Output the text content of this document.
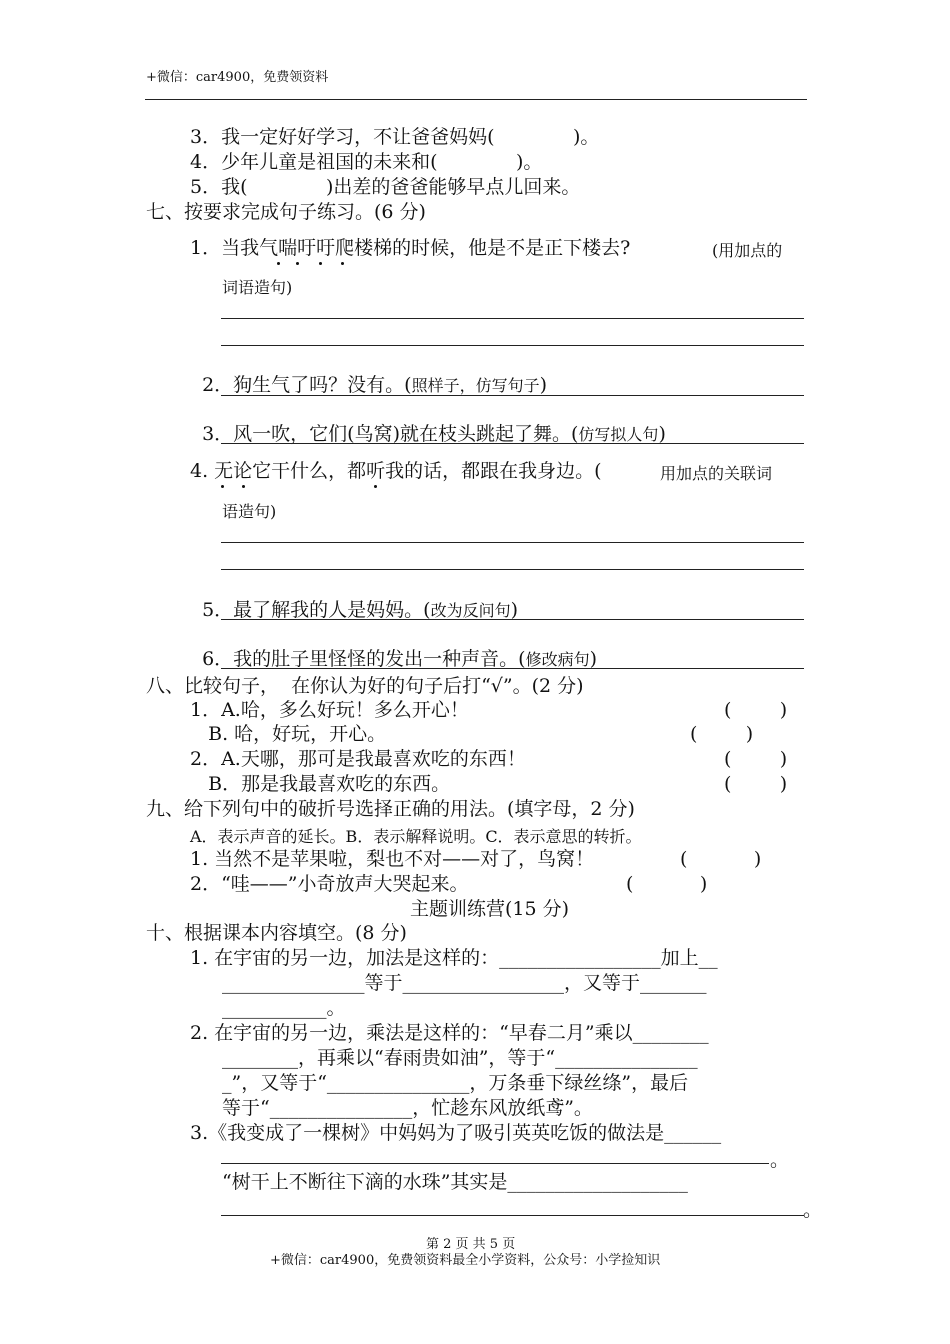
+微信：car4900，免费领资料
3．我一定好好学习，不让爸爸妈妈(             )。
4．少年儿童是祖国的未来和(             )。
5．我(             )出差的爸爸能够早点儿回来。
七、按要求完成句子练习。(6 分)
1．当我气喘吁吁爬楼梯的时候，他是不是正下楼去?	(用加点的
词语造句)

2．狗生气了吗？没有。(照样子，仿写句子)

3．风一吹，它们(鸟窝)就在枝头跳起了舞。(仿写拟人句)

4. 无论它干什么，都听我的话，都跟在我身边。(	用加点的关联词
语造句)

5．最了解我的人是妈妈。(改为反问句)

6．我的肚子里怪怪的发出一种声音。(修改病句)

八、比较句子，  在你认为好的句子后打“√”。(2 分)
1．A.哈，多么好玩！多么开心！	(        )
B. 哈，好玩，开心。	(        )
2．A.天哪，那可是我最喜欢吃的东西！	(        )
B．那是我最喜欢吃的东西。	(        )
九、给下列句中的破折号选择正确的用法。(填字母，2 分)
A．表示声音的延长。B．表示解释说明。C．表示意思的转折。
1. 当然不是苹果啦，梨也不对——对了，鸟窝！	(           )
2．“哇——”小奇放声大哭起来。	(           )
主题训练营(15 分)
十、根据课本内容填空。(8 分)
1. 在宇宙的另一边，加法是这样的：_________________加上__
_______________等于_________________，又等于_______
___________。
2. 在宇宙的另一边，乘法是这样的：“早春二月”乘以________
________，再乘以“春雨贵如油”，等于“_______________
_”，又等于“_______________，万条垂下绿丝绦”，最后
等于“_______________，忙趁东风放纸鸢”。
3.《我变成了一棵树》中妈妈为了吸引英英吃饭的做法是______
。
“树干上不断往下滴的水珠”其实是___________________
。
第 2 页 共 5 页
+微信：car4900，免费领资料最全小学资料，公众号：小学捡知识
